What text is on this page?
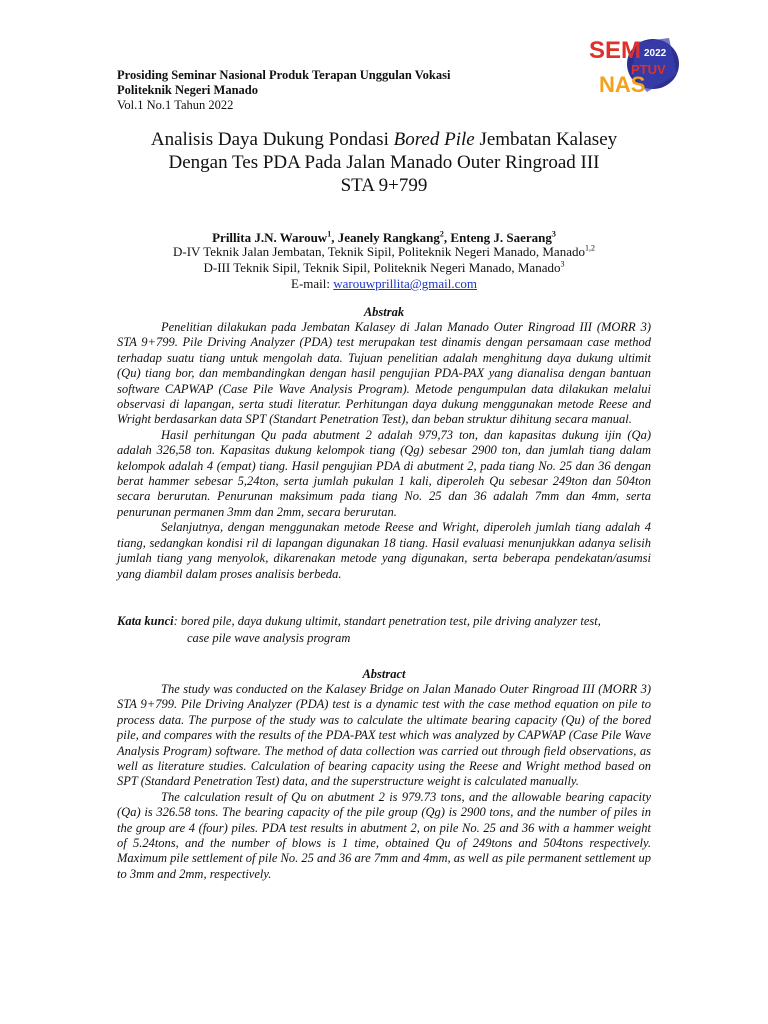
Prosiding Seminar Nasional Produk Terapan Unggulan Vokasi
Politeknik Negeri Manado
Vol.1 No.1 Tahun 2022
SEM 2022
PTUV
NAS
Analisis Daya Dukung Pondasi Bored Pile Jembatan Kalasey
Dengan Tes PDA Pada Jalan Manado Outer Ringroad III
STA 9+799
Prillita J.N. Warouw$^1$, Jeanely Rangkang$^2$, Enteng J. Saerang$^3$
D-IV Teknik Jalan Jembatan, Teknik Sipil, Politeknik Negeri Manado, Manado$^{1,2}$
D-III Teknik Sipil, Teknik Sipil, Politeknik Negeri Manado, Manado$^3$
E-mail: warouwprillita@gmail.com
Abstrak

Penelitian dilakukan pada Jembatan Kalasey di Jalan Manado Outer Ringroad III (MORR 3) STA 9+799. Pile Driving Analyzer (PDA) test merupakan test dinamis dengan persamaan case method terhadap suatu tiang untuk mengolah data. Tujuan penelitian adalah menghitung daya dukung ultimit (Qu) tiang bor, dan membandingkan dengan hasil pengujian PDA-PAX yang dianalisa dengan bantuan software CAPWAP (Case Pile Wave Analysis Program). Metode pengumpulan data dilakukan melalui observasi di lapangan, serta studi literatur. Perhitungan daya dukung menggunakan metode Reese and Wright berdasarkan data SPT (Standart Penetration Test), dan beban struktur dihitung secara manual.

Hasil perhitungan Qu pada abutment 2 adalah 979,73 ton, dan kapasitas dukung ijin (Qa) adalah 326,58 ton. Kapasitas dukung kelompok tiang (Qg) sebesar 2900 ton, dan jumlah tiang dalam kelompok adalah 4 (empat) tiang. Hasil pengujian PDA di abutment 2, pada tiang No. 25 dan 36 dengan berat hammer sebesar 5,24ton, serta jumlah pukulan 1 kali, diperoleh Qu sebesar 249ton dan 504ton secara berurutan. Penurunan maksimum pada tiang No. 25 dan 36 adalah 7mm dan 4mm, serta penurunan permanen 3mm dan 2mm, secara berurutan.

Selanjutnya, dengan menggunakan metode Reese and Wright, diperoleh jumlah tiang adalah 4 tiang, sedangkan kondisi ril di lapangan digunakan 18 tiang. Hasil evaluasi menunjukkan adanya selisih jumlah tiang yang menyolok, dikarenakan metode yang digunakan, serta beberapa pendekatan/asumsi yang diambil dalam proses analisis berbeda.

Kata kunci: bored pile, daya dukung ultimit, standart penetration test, pile driving analyzer test,
case pile wave analysis program
Abstract

The study was conducted on the Kalasey Bridge on Jalan Manado Outer Ringroad III (MORR 3) STA 9+799. Pile Driving Analyzer (PDA) test is a dynamic test with the case method equation on pile to process data. The purpose of the study was to calculate the ultimate bearing capacity (Qu) of the bored pile, and compares with the results of the PDA-PAX test which was analyzed by CAPWAP (Case Pile Wave Analysis Program) software. The method of data collection was carried out through field observations, as well as literature studies. Calculation of bearing capacity using the Reese and Wright method based on SPT (Standard Penetration Test) data, and the superstructure weight is calculated manually.

The calculation result of Qu on abutment 2 is 979.73 tons, and the allowable bearing capacity (Qa) is 326.58 tons. The bearing capacity of the pile group (Qg) is 2900 tons, and the number of piles in the group are 4 (four) piles. PDA test results in abutment 2, on pile No. 25 and 36 with a hammer weight of 5.24tons, and the number of blows is 1 time, obtained Qu of 249tons and 504tons respectively. Maximum pile settlement of pile No. 25 and 36 are 7mm and 4mm, as well as pile permanent settlement up to 3mm and 2mm, respectively.
